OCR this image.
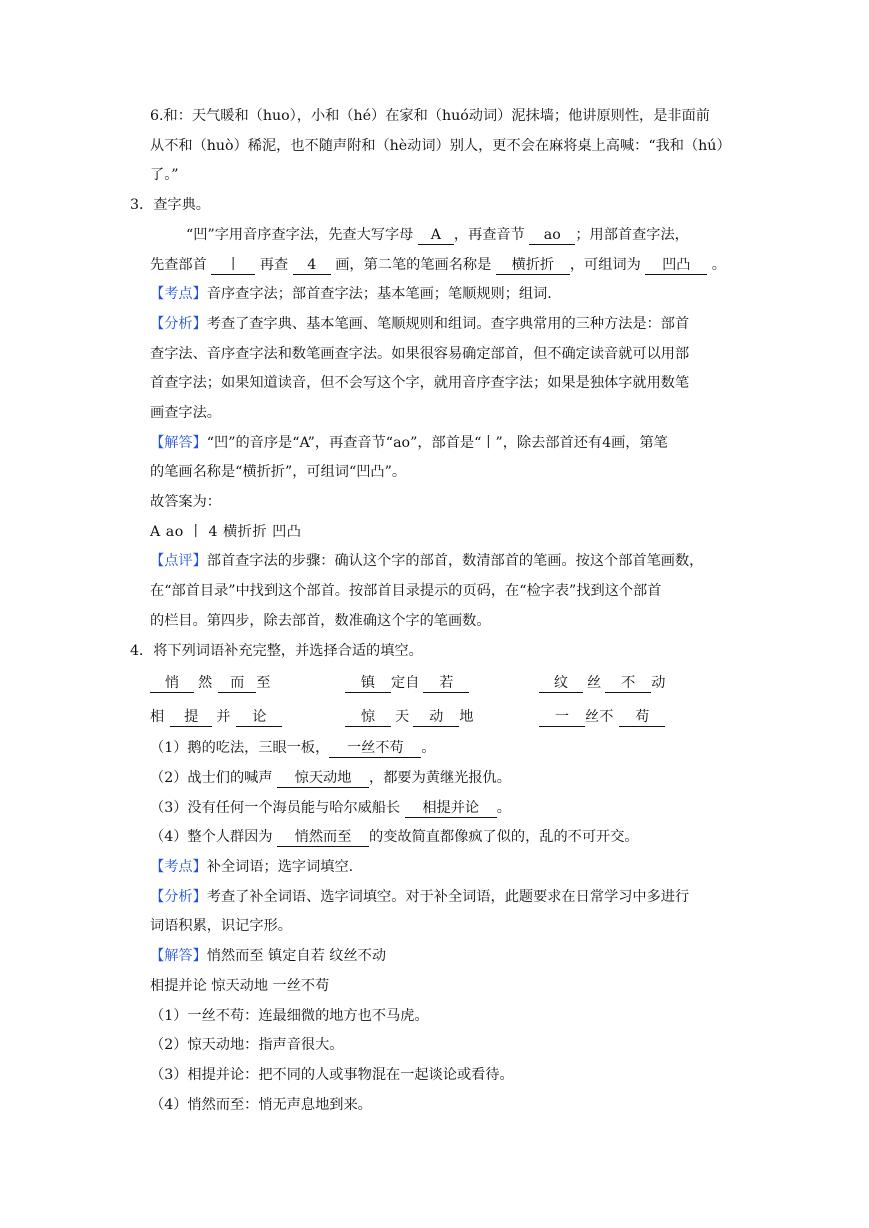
6.和：天气暖和（huo），小和（hé）在家和（huó动词）泥抹墙；他讲原则性，是非面前
从不和（huò）稀泥，也不随声附和（hè动词）别人，更不会在麻将桌上高喊：“我和（hú）
了。”
3．查字典。
“凹”字用音序查字法，先查大写字母 A ，再查音节 ao ；用部首查字法，
先查部首 丨 再查 4 画，第二笔的笔画名称是 横折折 ，可组词为 凹凸 。
【考点】音序查字法；部首查字法；基本笔画；笔顺规则；组词.
【分析】考查了查字典、基本笔画、笔顺规则和组词。查字典常用的三种方法是：部首
查字法、音序查字法和数笔画查字法。如果很容易确定部首，但不确定读音就可以用部
首查字法；如果知道读音，但不会写这个字，就用音序查字法；如果是独体字就用数笔
画查字法。
【解答】“凹”的音序是“A”，再查音节“ao”，部首是“丨”，除去部首还有4画，第笔
的笔画名称是“横折折”，可组词“凹凸”。
故答案为：
A ao 丨 4 横折折 凹凸
【点评】部首查字法的步骤：确认这个字的部首，数清部首的笔画。按这个部首笔画数，
在“部首目录”中找到这个部首。按部首目录提示的页码，在“检字表”找到这个部首
的栏目。第四步，除去部首，数准确这个字的笔画数。
4．将下列词语补充完整，并选择合适的填空。
悄 然 而 至	镇 定自 若	纹 丝 不 动
相 提 并 论	惊 天 动 地	一 丝不 苟
（1）鹅的吃法，三眼一板， 一丝不苟 。
（2）战士们的喊声 惊天动地 ，都要为黄继光报仇。
（3）没有任何一个海员能与哈尔威船长 相提并论 。
（4）整个人群因为 悄然而至 的变故简直都像疯了似的，乱的不可开交。
【考点】补全词语；选字词填空.
【分析】考查了补全词语、选字词填空。对于补全词语，此题要求在日常学习中多进行
词语积累，识记字形。
【解答】悄然而至 镇定自若 纹丝不动
相提并论 惊天动地 一丝不苟
（1）一丝不苟：连最细微的地方也不马虎。
（2）惊天动地：指声音很大。
（3）相提并论：把不同的人或事物混在一起谈论或看待。
（4）悄然而至：悄无声息地到来。
